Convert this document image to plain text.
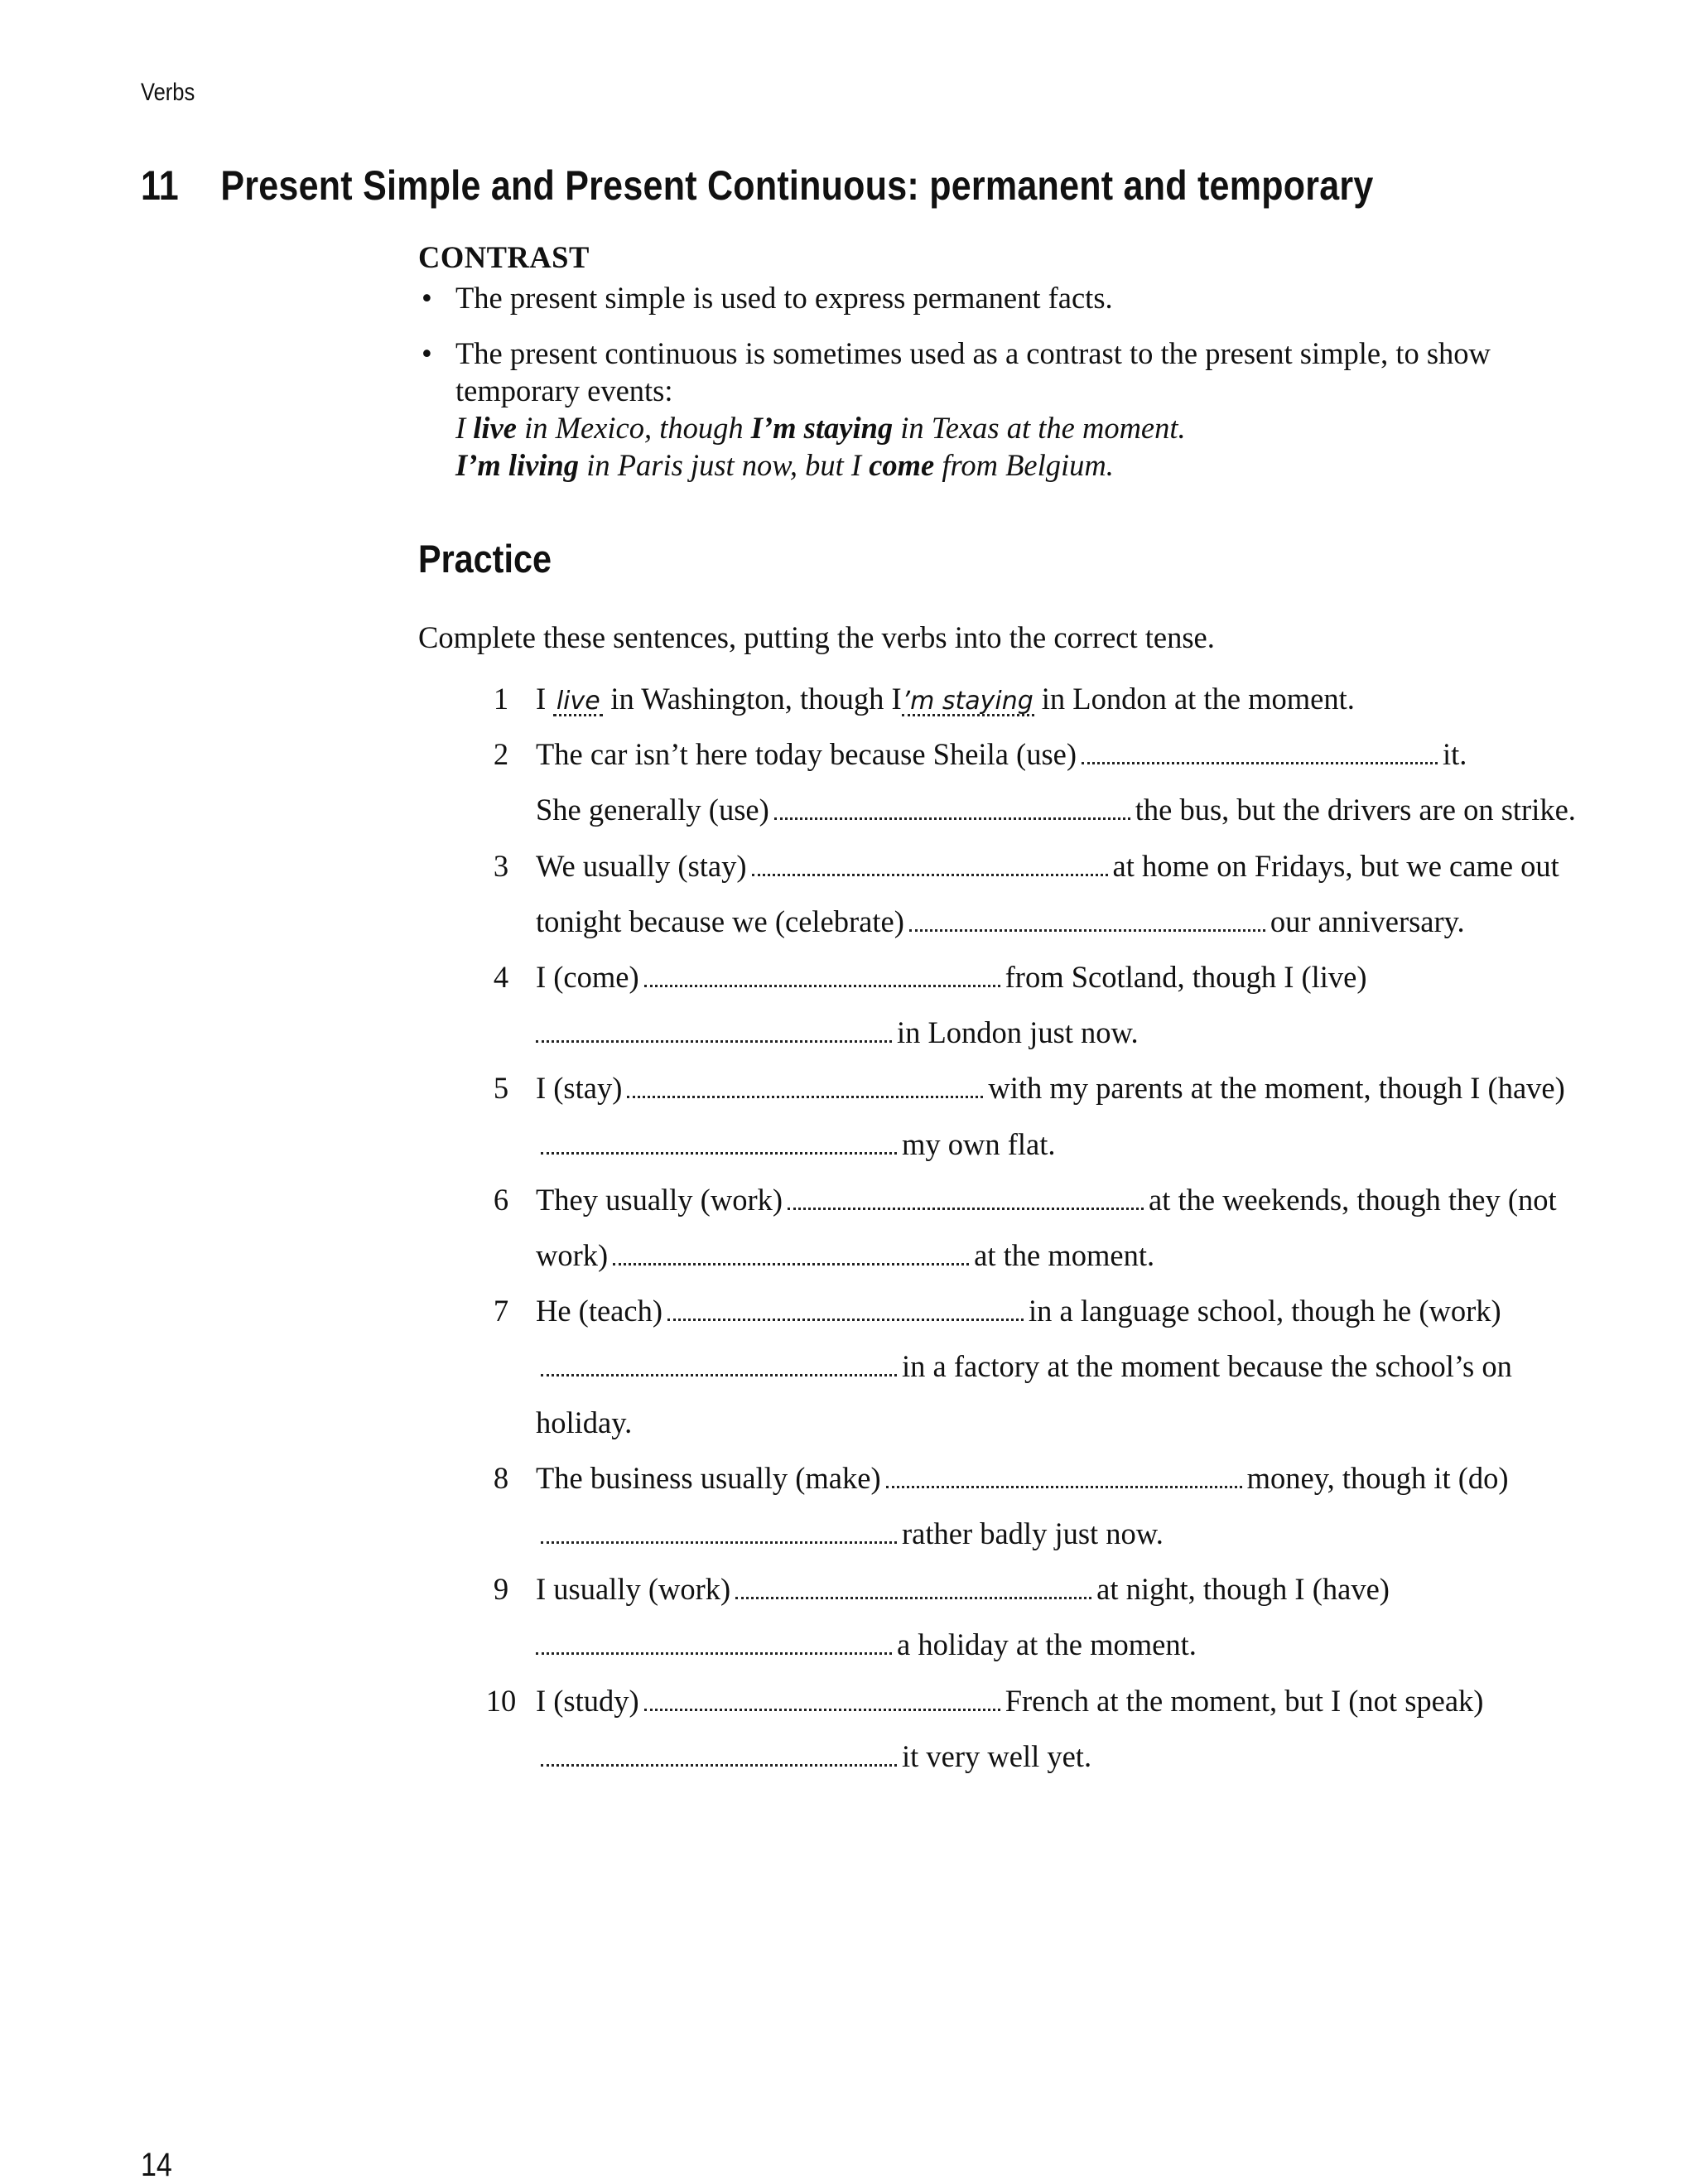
Verbs
11 Present Simple and Present Continuous: permanent and temporary
CONTRAST
• The present simple is used to express permanent facts.
• The present continuous is sometimes used as a contrast to the present simple, to show temporary events:
I live in Mexico, though I’m staying in Texas at the moment.
I’m living in Paris just now, but I come from Belgium.
Practice
Complete these sentences, putting the verbs into the correct tense.
1 I live in Washington, though I’m staying in London at the moment.
2 The car isn’t here today because Sheila (use)	it.
She generally (use)	the bus, but the drivers are on strike.
3 We usually (stay)	at home on Fridays, but we came out tonight because we (celebrate)	our anniversary.
4 I (come)	from Scotland, though I (live)
in London just now.
5 I (stay)	with my parents at the moment, though I (have)my own flat.
6 They usually (work)	at the weekends, though they (not work)	at the moment.
7 He (teach)	in a language school, though he (work)in a factory at the moment because the school’s on holiday.
8 The business usually (make)	money, though it (do)rather badly just now.
9 I usually (work)	at night, though I (have)
a holiday at the moment.
10 I (study)	French at the moment, but I (not speak)it very well yet.
14
